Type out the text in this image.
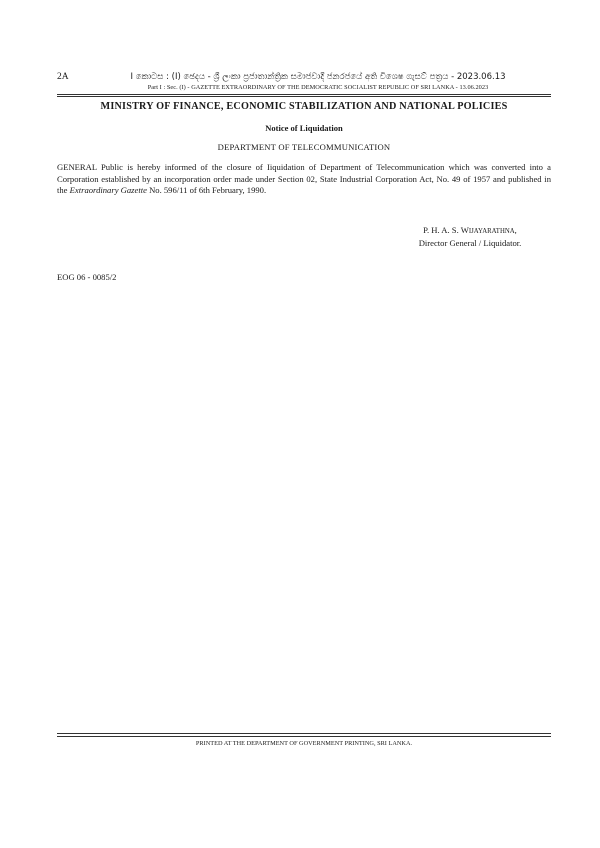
2A	I කොටස : (I) ඡෙදය - ශ්‍රී ලංකා ප්‍රජාතාන්ත්‍රික සමාජවාදී ජනරජයේ අති විශෙෂ ගැසට් පත්‍රය - 2023.06.13
Part I : Sec. (I) - GAZETTE EXTRAORDINARY OF THE DEMOCRATIC SOCIALIST REPUBLIC OF SRI LANKA - 13.06.2023
MINISTRY OF FINANCE, ECONOMIC STABILIZATION AND NATIONAL POLICIES
Notice of Liquidation
DEPARTMENT OF TELECOMMUNICATION
GENERAL Public is hereby informed of the closure of Iiquidation of Department of Telecommunication which was converted into a Corporation established by an incorporation order made under Section 02, State Industrial Corporation Act, No. 49 of 1957 and published in the Extraordinary Gazette No. 596/11 of 6th February, 1990.
P. H. A. S. WIJAYARATHNA,
Director General / Liquidator.
EOG 06 - 0085/2
PRINTED AT THE DEPARTMENT OF GOVERNMENT PRINTING, SRI LANKA.
